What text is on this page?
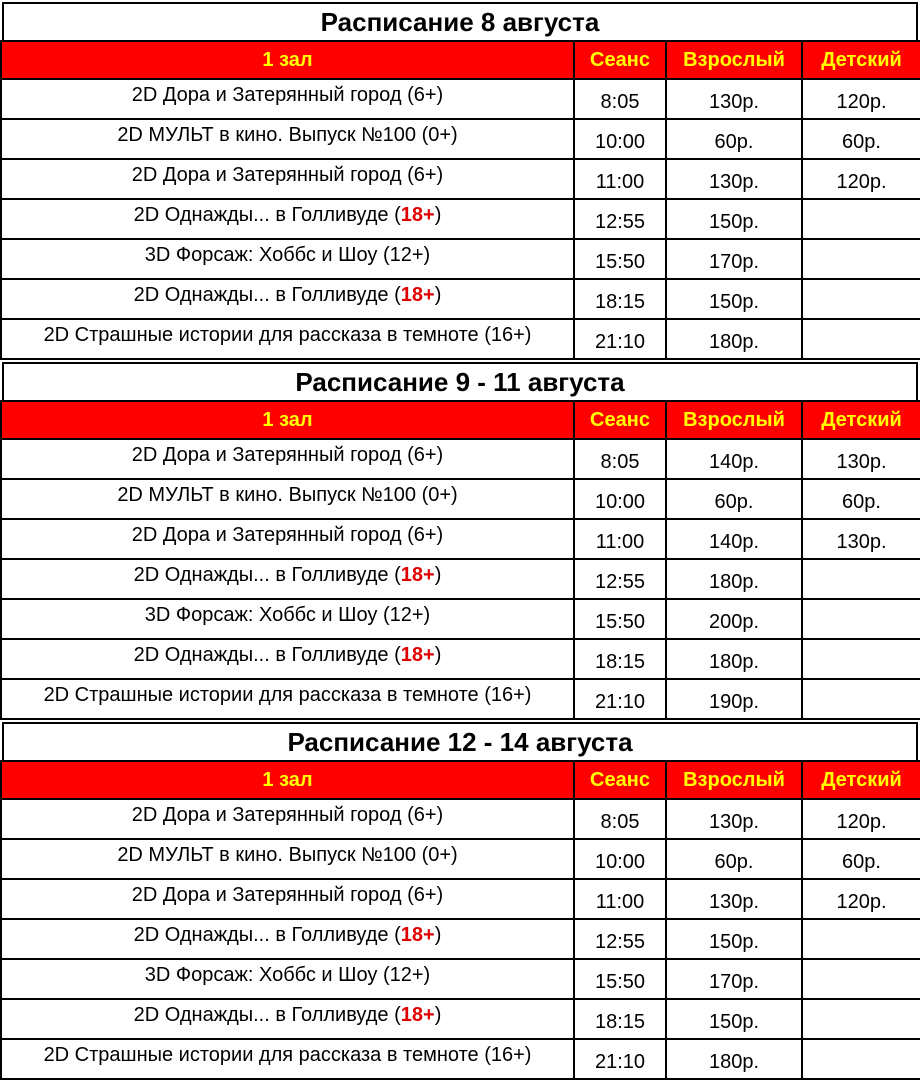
Расписание 8 августа
1 зал	Сеанс	Взрослый	Детский
2D Дора и Затерянный город (6+)	8:05	130р.	120р.
2D МУЛЬТ в кино. Выпуск №100 (0+)	10:00	60р.	60р.
2D Дора и Затерянный город (6+)	11:00	130р.	120р.
2D Однажды... в Голливуде (18+)	12:55	150р.	
3D Форсаж: Хоббс и Шоу (12+)	15:50	170р.	
2D Однажды... в Голливуде (18+)	18:15	150р.	
2D Страшные истории для рассказа в темноте (16+)	21:10	180р.	
Расписание 9 - 11 августа
1 зал	Сеанс	Взрослый	Детский
2D Дора и Затерянный город (6+)	8:05	140р.	130р.
2D МУЛЬТ в кино. Выпуск №100 (0+)	10:00	60р.	60р.
2D Дора и Затерянный город (6+)	11:00	140р.	130р.
2D Однажды... в Голливуде (18+)	12:55	180р.	
3D Форсаж: Хоббс и Шоу (12+)	15:50	200р.	
2D Однажды... в Голливуде (18+)	18:15	180р.	
2D Страшные истории для рассказа в темноте (16+)	21:10	190р.	
Расписание 12 - 14 августа
1 зал	Сеанс	Взрослый	Детский
2D Дора и Затерянный город (6+)	8:05	130р.	120р.
2D МУЛЬТ в кино. Выпуск №100 (0+)	10:00	60р.	60р.
2D Дора и Затерянный город (6+)	11:00	130р.	120р.
2D Однажды... в Голливуде (18+)	12:55	150р.	
3D Форсаж: Хоббс и Шоу (12+)	15:50	170р.	
2D Однажды... в Голливуде (18+)	18:15	150р.	
2D Страшные истории для рассказа в темноте (16+)	21:10	180р.	
